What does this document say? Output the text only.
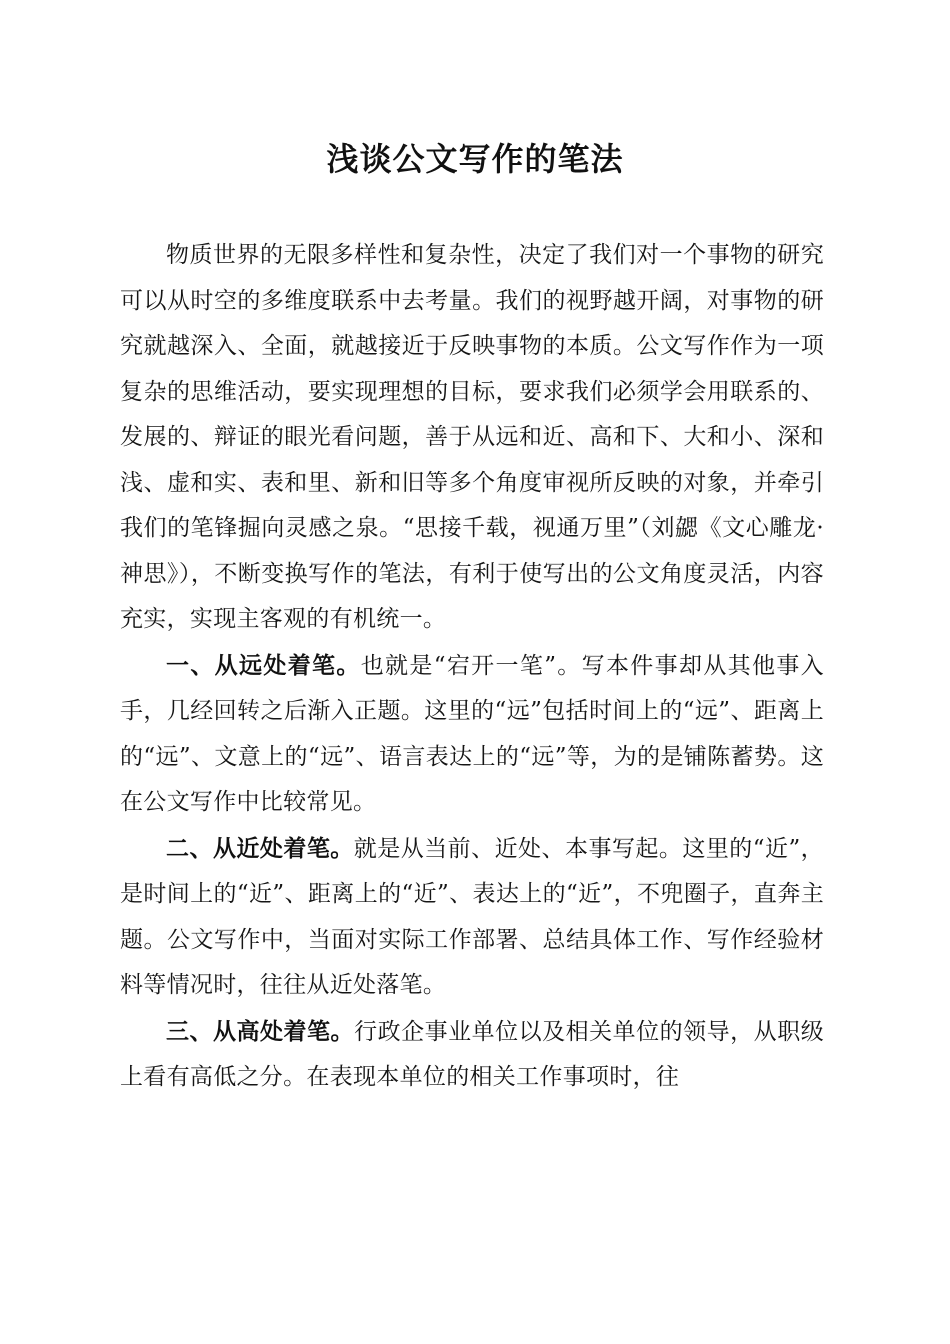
浅谈公文写作的笔法

物质世界的无限多样性和复杂性，决定了我们对一个事物的研究可以从时空的多维度联系中去考量。我们的视野越开阔，对事物的研究就越深入、全面，就越接近于反映事物的本质。公文写作作为一项复杂的思维活动，要实现理想的目标，要求我们必须学会用联系的、发展的、辩证的眼光看问题，善于从远和近、高和下、大和小、深和浅、虚和实、表和里、新和旧等多个角度审视所反映的对象，并牵引我们的笔锋掘向灵感之泉。“思接千载，视通万里”（刘勰《文心雕龙·神思》），不断变换写作的笔法，有利于使写出的公文角度灵活，内容充实，实现主客观的有机统一。

一、从远处着笔。也就是“宕开一笔”。写本件事却从其他事入手，几经回转之后渐入正题。这里的“远”包括时间上的“远”、距离上的“远”、文意上的“远”、语言表达上的“远”等，为的是铺陈蓄势。这在公文写作中比较常见。

二、从近处着笔。就是从当前、近处、本事写起。这里的“近”，是时间上的“近”、距离上的“近”、表达上的“近”，不兜圈子，直奔主题。公文写作中，当面对实际工作部署、总结具体工作、写作经验材料等情况时，往往从近处落笔。

三、从高处着笔。行政企事业单位以及相关单位的领导，从职级上看有高低之分。在表现本单位的相关工作事项时，往
